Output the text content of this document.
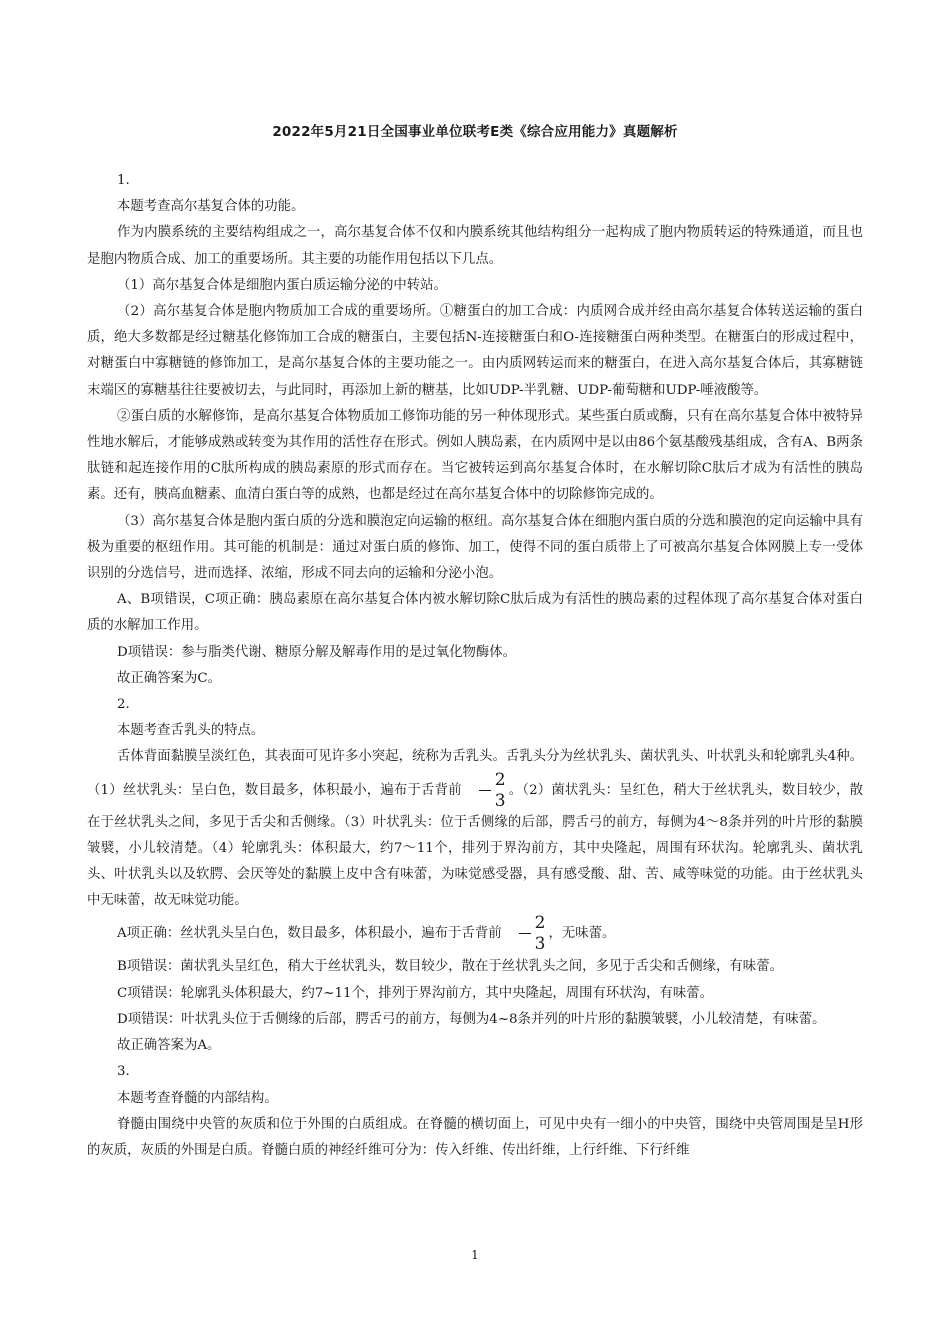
2022年5月21日全国事业单位联考E类《综合应用能力》真题解析

1.

本题考查高尔基复合体的功能。

作为内膜系统的主要结构组成之一，高尔基复合体不仅和内膜系统其他结构组分一起构成了胞内物质转运的特殊通道，而且也是胞内物质合成、加工的重要场所。其主要的功能作用包括以下几点。

（1）高尔基复合体是细胞内蛋白质运输分泌的中转站。

（2）高尔基复合体是胞内物质加工合成的重要场所。①糖蛋白的加工合成：内质网合成并经由高尔基复合体转送运输的蛋白质，绝大多数都是经过糖基化修饰加工合成的糖蛋白，主要包括N-连接糖蛋白和O-连接糖蛋白两种类型。在糖蛋白的形成过程中，对糖蛋白中寡糖链的修饰加工，是高尔基复合体的主要功能之一。由内质网转运而来的糖蛋白，在进入高尔基复合体后，其寡糖链末端区的寡糖基往往要被切去，与此同时，再添加上新的糖基，比如UDP-半乳糖、UDP-葡萄糖和UDP-唾液酸等。

②蛋白质的水解修饰，是高尔基复合体物质加工修饰功能的另一种体现形式。某些蛋白质或酶，只有在高尔基复合体中被特异性地水解后，才能够成熟或转变为其作用的活性存在形式。例如人胰岛素，在内质网中是以由86个氨基酸残基组成，含有A、B两条肽链和起连接作用的C肽所构成的胰岛素原的形式而存在。当它被转运到高尔基复合体时，在水解切除C肽后才成为有活性的胰岛素。还有，胰高血糖素、血清白蛋白等的成熟，也都是经过在高尔基复合体中的切除修饰完成的。

（3）高尔基复合体是胞内蛋白质的分选和膜泡定向运输的枢纽。高尔基复合体在细胞内蛋白质的分选和膜泡的定向运输中具有极为重要的枢纽作用。其可能的机制是：通过对蛋白质的修饰、加工，使得不同的蛋白质带上了可被高尔基复合体网膜上专一受体识别的分选信号，进而选择、浓缩，形成不同去向的运输和分泌小泡。

A、B项错误，C项正确：胰岛素原在高尔基复合体内被水解切除C肽后成为有活性的胰岛素的过程体现了高尔基复合体对蛋白质的水解加工作用。

D项错误：参与脂类代谢、糖原分解及解毒作用的是过氧化物酶体。

故正确答案为C。

2.

本题考查舌乳头的特点。

舌体背面黏膜呈淡红色，其表面可见许多小突起，统称为舌乳头。舌乳头分为丝状乳头、菌状乳头、叶状乳头和轮廓乳头4种。（1）丝状乳头：呈白色，数目最多，体积最小，遍布于舌背前 $\frac{2}{3}$ 。（2）菌状乳头：呈红色，稍大于丝状乳头，数目较少，散在于丝状乳头之间，多见于舌尖和舌侧缘。（3）叶状乳头：位于舌侧缘的后部，腭舌弓的前方，每侧为4～8条并列的叶片形的黏膜皱襞，小儿较清楚。（4）轮廓乳头：体积最大，约7～11个，排列于界沟前方，其中央隆起，周围有环状沟。轮廓乳头、菌状乳头、叶状乳头以及软腭、会厌等处的黏膜上皮中含有味蕾，为味觉感受器，具有感受酸、甜、苦、咸等味觉的功能。由于丝状乳头中无味蕾，故无味觉功能。

A项正确：丝状乳头呈白色，数目最多，体积最小，遍布于舌背前 $\frac{2}{3}$ ，无味蕾。

B项错误：菌状乳头呈红色，稍大于丝状乳头，数目较少，散在于丝状乳头之间，多见于舌尖和舌侧缘，有味蕾。

C项错误：轮廓乳头体积最大，约7~11个，排列于界沟前方，其中央隆起，周围有环状沟，有味蕾。

D项错误：叶状乳头位于舌侧缘的后部，腭舌弓的前方，每侧为4~8条并列的叶片形的黏膜皱襞，小儿较清楚，有味蕾。

故正确答案为A。

3.

本题考查脊髓的内部结构。

脊髓由围绕中央管的灰质和位于外围的白质组成。在脊髓的横切面上，可见中央有一细小的中央管，围绕中央管周围是呈H形的灰质，灰质的外围是白质。脊髓白质的神经纤维可分为：传入纤维、传出纤维，上行纤维、下行纤维

1
